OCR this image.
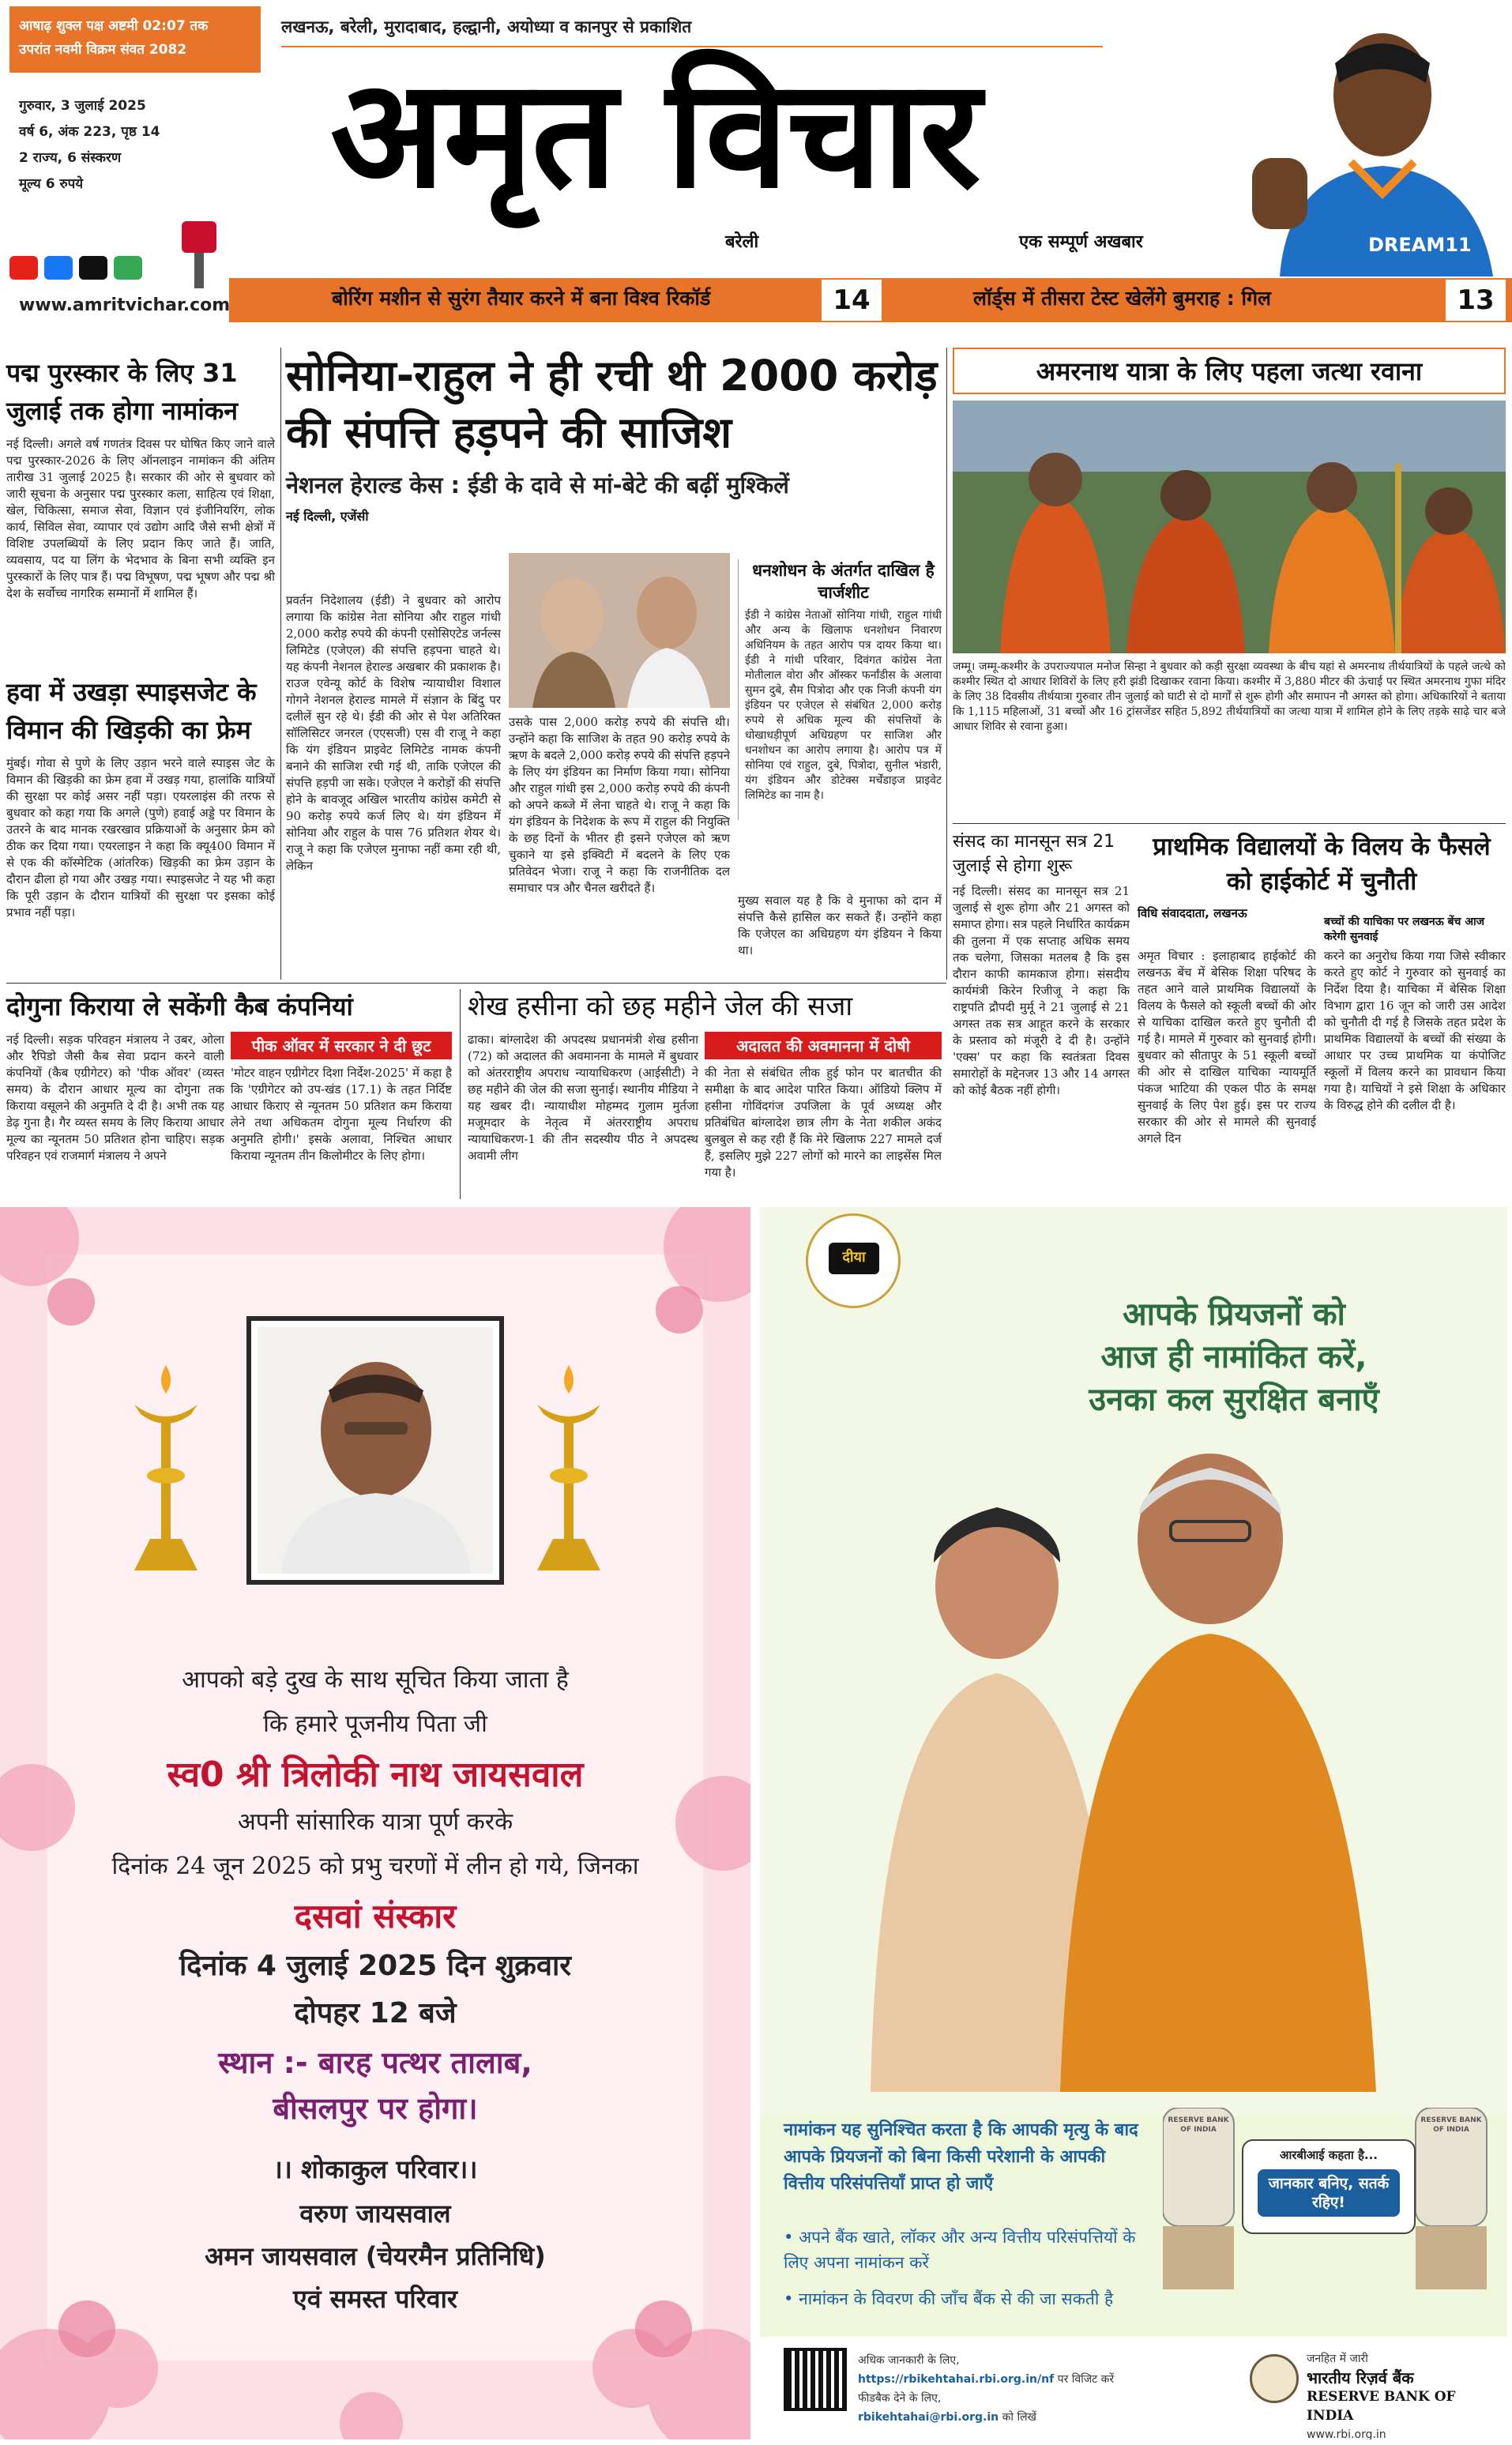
आषाढ़ शुक्ल पक्ष अष्टमी 02:07 तक
उपरांत नवमी विक्रम संवत 2082
लखनऊ, बरेली, मुरादाबाद, हल्द्वानी, अयोध्या व कानपुर से प्रकाशित
गुरुवार, 3 जुलाई 2025
वर्ष 6, अंक 223, पृष्ठ 14
2 राज्य, 6 संस्करण
मूल्य 6 रुपये	अमृत विचार
बरेली	एक सम्पूर्ण अखबार	DREAM11
www.amritvichar.com	बोरिंग मशीन से सुरंग तैयार करने में बना विश्व रिकॉर्ड	14	लॉर्ड्स में तीसरा टेस्ट खेलेंगे बुमराह : गिल	13
पद्म पुरस्कार के लिए 31 जुलाई तक होगा नामांकन
नई दिल्ली। अगले वर्ष गणतंत्र दिवस पर घोषित किए जाने वाले पद्म पुरस्कार-2026 के लिए ऑनलाइन नामांकन की अंतिम तारीख 31 जुलाई 2025 है। सरकार की ओर से बुधवार को जारी सूचना के अनुसार पद्म पुरस्कार कला, साहित्य एवं शिक्षा, खेल, चिकित्सा, समाज सेवा, विज्ञान एवं इंजीनियरिंग, लोक कार्य, सिविल सेवा, व्यापार एवं उद्योग आदि जैसे सभी क्षेत्रों में विशिष्ट उपलब्धियों के लिए प्रदान किए जाते हैं। जाति, व्यवसाय, पद या लिंग के भेदभाव के बिना सभी व्यक्ति इन पुरस्कारों के लिए पात्र हैं। पद्म विभूषण, पद्म भूषण और पद्म श्री देश के सर्वोच्च नागरिक सम्मानों में शामिल हैं।
हवा में उखड़ा स्पाइसजेट के विमान की खिड़की का फ्रेम
मुंबई। गोवा से पुणे के लिए उड़ान भरने वाले स्पाइस जेट के विमान की खिड़की का फ्रेम हवा में उखड़ गया, हालांकि यात्रियों की सुरक्षा पर कोई असर नहीं पड़ा। एयरलाइंस की तरफ से बुधवार को कहा गया कि अगले (पुणे) हवाई अड्डे पर विमान के उतरने के बाद मानक रखरखाव प्रक्रियाओं के अनुसार फ्रेम को ठीक कर दिया गया। एयरलाइन ने कहा कि क्यू400 विमान में से एक की कॉस्मेटिक (आंतरिक) खिड़की का फ्रेम उड़ान के दौरान ढीला हो गया और उखड़ गया। स्पाइसजेट ने यह भी कहा कि पूरी उड़ान के दौरान यात्रियों की सुरक्षा पर इसका कोई प्रभाव नहीं पड़ा।
सोनिया-राहुल ने ही रची थी 2000 करोड़ की संपत्ति हड़पने की साजिश
नेशनल हेराल्ड केस : ईडी के दावे से मां-बेटे की बढ़ीं मुश्किलें
नई दिल्ली, एजेंसी
प्रवर्तन निदेशालय (ईडी) ने बुधवार को आरोप लगाया कि कांग्रेस नेता सोनिया और राहुल गांधी 2,000 करोड़ रुपये की कंपनी एसोसिएटेड जर्नल्स लिमिटेड (एजेएल) की संपत्ति हड़पना चाहते थे। यह कंपनी नेशनल हेराल्ड अखबार की प्रकाशक है। राउज एवेन्यू कोर्ट के विशेष न्यायाधीश विशाल गोगने नेशनल हेराल्ड मामले में संज्ञान के बिंदु पर दलीलें सुन रहे थे। ईडी की ओर से पेश अतिरिक्त सॉलिसिटर जनरल (एएसजी) एस वी राजू ने कहा कि यंग इंडियन प्राइवेट लिमिटेड नामक कंपनी बनाने की साजिश रची गई थी, ताकि एजेएल की संपत्ति हड़पी जा सके। एजेएल ने करोड़ों की संपत्ति होने के बावजूद अखिल भारतीय कांग्रेस कमेटी से 90 करोड़ रुपये कर्ज लिए थे। यंग इंडियन में सोनिया और राहुल के पास 76 प्रतिशत शेयर थे। राजू ने कहा कि एजेएल मुनाफा नहीं कमा रही थी, लेकिन
उसके पास 2,000 करोड़ रुपये की संपत्ति थी। उन्होंने कहा कि साजिश के तहत 90 करोड़ रुपये के ऋण के बदले 2,000 करोड़ रुपये की संपत्ति हड़पने के लिए यंग इंडियन का निर्माण किया गया। सोनिया और राहुल गांधी इस 2,000 करोड़ रुपये की कंपनी को अपने कब्जे में लेना चाहते थे। राजू ने कहा कि यंग इंडियन के निदेशक के रूप में राहुल की नियुक्ति के छह दिनों के भीतर ही इसने एजेएल को ऋण चुकाने या इसे इक्विटी में बदलने के लिए एक प्रतिवेदन भेजा। राजू ने कहा कि राजनीतिक दल समाचार पत्र और चैनल खरीदते हैं।
धनशोधन के अंतर्गत दाखिल है चार्जशीट
ईडी ने कांग्रेस नेताओं सोनिया गांधी, राहुल गांधी और अन्य के खिलाफ धनशोधन निवारण अधिनियम के तहत आरोप पत्र दायर किया था। ईडी ने गांधी परिवार, दिवंगत कांग्रेस नेता मोतीलाल वोरा और ऑस्कर फर्नांडीस के अलावा सुमन दुबे, सैम पित्रोदा और एक निजी कंपनी यंग इंडियन पर एजेएल से संबंधित 2,000 करोड़ रुपये से अधिक मूल्य की संपत्तियों के धोखाधड़ीपूर्ण अधिग्रहण पर साजिश और धनशोधन का आरोप लगाया है। आरोप पत्र में सोनिया एवं राहुल, दुबे, पित्रोदा, सुनील भंडारी, यंग इंडियन और डोटेक्स मर्चेंडाइज प्राइवेट लिमिटेड का नाम है।
मुख्य सवाल यह है कि वे मुनाफा को दान में संपत्ति कैसे हासिल कर सकते हैं। उन्होंने कहा कि एजेएल का अधिग्रहण यंग इंडियन ने किया था।
अमरनाथ यात्रा के लिए पहला जत्था रवाना
जम्मू। जम्मू-कश्मीर के उपराज्यपाल मनोज सिन्हा ने बुधवार को कड़ी सुरक्षा व्यवस्था के बीच यहां से अमरनाथ तीर्थयात्रियों के पहले जत्थे को कश्मीर स्थित दो आधार शिविरों के लिए हरी झंडी दिखाकर रवाना किया। कश्मीर में 3,880 मीटर की ऊंचाई पर स्थित अमरनाथ गुफा मंदिर के लिए 38 दिवसीय तीर्थयात्रा गुरुवार तीन जुलाई को घाटी से दो मार्गों से शुरू होगी और समापन नौ अगस्त को होगा। अधिकारियों ने बताया कि 1,115 महिलाओं, 31 बच्चों और 16 ट्रांसजेंडर सहित 5,892 तीर्थयात्रियों का जत्था यात्रा में शामिल होने के लिए तड़के साढ़े चार बजे आधार शिविर से रवाना हुआ।
संसद का मानसून सत्र 21 जुलाई से होगा शुरू
नई दिल्ली। संसद का मानसून सत्र 21 जुलाई से शुरू होगा और 21 अगस्त को समाप्त होगा। सत्र पहले निर्धारित कार्यक्रम की तुलना में एक सप्ताह अधिक समय तक चलेगा, जिसका मतलब है कि इस दौरान काफी कामकाज होगा। संसदीय कार्यमंत्री किरेन रिजीजू ने कहा कि राष्ट्रपति द्रौपदी मुर्मू ने 21 जुलाई से 21 अगस्त तक सत्र आहूत करने के सरकार के प्रस्ताव को मंजूरी दे दी है। उन्होंने 'एक्स' पर कहा कि स्वतंत्रता दिवस समारोहों के मद्देनजर 13 और 14 अगस्त को कोई बैठक नहीं होगी।
प्राथमिक विद्यालयों के विलय के फैसले को हाईकोर्ट में चुनौती
विधि संवाददाता, लखनऊ
बच्चों की याचिका पर लखनऊ बेंच आज करेगी सुनवाई
अमृत विचार : इलाहाबाद हाईकोर्ट की लखनऊ बेंच में बेसिक शिक्षा परिषद के तहत आने वाले प्राथमिक विद्यालयों के विलय के फैसले को स्कूली बच्चों की ओर से याचिका दाखिल करते हुए चुनौती दी गई है। मामले में गुरुवार को सुनवाई होगी। बुधवार को सीतापुर के 51 स्कूली बच्चों की ओर से दाखिल याचिका न्यायमूर्ति पंकज भाटिया की एकल पीठ के समक्ष सुनवाई के लिए पेश हुई। इस पर राज्य सरकार की ओर से मामले की सुनवाई अगले दिन
करने का अनुरोध किया गया जिसे स्वीकार करते हुए कोर्ट ने गुरुवार को सुनवाई का निर्देश दिया है। याचिका में बेसिक शिक्षा विभाग द्वारा 16 जून को जारी उस आदेश को चुनौती दी गई है जिसके तहत प्रदेश के प्राथमिक विद्यालयों के बच्चों की संख्या के आधार पर उच्च प्राथमिक या कंपोजिट स्कूलों में विलय करने का प्रावधान किया गया है। याचियों ने इसे शिक्षा के अधिकार के विरुद्ध होने की दलील दी है।
दोगुना किराया ले सकेंगी कैब कंपनियां
नई दिल्ली। सड़क परिवहन मंत्रालय ने उबर, ओला और रैपिडो जैसी कैब सेवा प्रदान करने वाली कंपनियों (कैब एग्रीगेटर) को 'पीक ऑवर' (व्यस्त समय) के दौरान आधार मूल्य का दोगुना तक किराया वसूलने की अनुमति दे दी है। अभी तक यह डेढ़ गुना है। गैर व्यस्त समय के लिए किराया आधार मूल्य का न्यूनतम 50 प्रतिशत होना चाहिए। सड़क परिवहन एवं राजमार्ग मंत्रालय ने अपने
पीक ऑवर में सरकार ने दी छूट
'मोटर वाहन एग्रीगेटर दिशा निर्देश-2025' में कहा है कि 'एग्रीगेटर को उप-खंड (17.1) के तहत निर्दिष्ट आधार किराए से न्यूनतम 50 प्रतिशत कम किराया लेने तथा अधिकतम दोगुना मूल्य निर्धारण की अनुमति होगी।' इसके अलावा, निश्चित आधार किराया न्यूनतम तीन किलोमीटर के लिए होगा।
शेख हसीना को छह महीने जेल की सजा
ढाका। बांग्लादेश की अपदस्थ प्रधानमंत्री शेख हसीना (72) को अदालत की अवमानना के मामले में बुधवार को अंतरराष्ट्रीय अपराध न्यायाधिकरण (आईसीटी) ने छह महीने की जेल की सजा सुनाई। स्थानीय मीडिया ने यह खबर दी। न्यायाधीश मोहम्मद गुलाम मुर्तजा मजूमदार के नेतृत्व में अंतरराष्ट्रीय अपराध न्यायाधिकरण-1 की तीन सदस्यीय पीठ ने अपदस्थ अवामी लीग
अदालत की अवमानना में दोषी
की नेता से संबंधित लीक हुई फोन पर बातचीत की समीक्षा के बाद आदेश पारित किया। ऑडियो क्लिप में हसीना गोविंदगंज उपजिला के पूर्व अध्यक्ष और प्रतिबंधित बांग्लादेश छात्र लीग के नेता शकील अकंद बुलबुल से कह रही हैं कि मेरे खिलाफ 227 मामले दर्ज हैं, इसलिए मुझे 227 लोगों को मारने का लाइसेंस मिल गया है।
आपको बड़े दुख के साथ सूचित किया जाता है
कि हमारे पूजनीय पिता जी
स्व0 श्री त्रिलोकी नाथ जायसवाल
अपनी सांसारिक यात्रा पूर्ण करके
दिनांक 24 जून 2025 को प्रभु चरणों में लीन हो गये, जिनका
दसवां संस्कार
दिनांक 4 जुलाई 2025 दिन शुक्रवार
दोपहर 12 बजे
स्थान :- बारह पत्थर तालाब, बीसलपुर पर होगा।
।। शोकाकुल परिवार।।
वरुण जायसवाल
अमन जायसवाल (चेयरमैन प्रतिनिधि)
एवं समस्त परिवार
दीया
आपके प्रियजनों को
आज ही नामांकित करें,
उनका कल सुरक्षित बनाएँ
नामांकन यह सुनिश्चित करता है कि आपकी मृत्यु के बाद आपके प्रियजनों को बिना किसी परेशानी के आपकी वित्तीय परिसंपत्तियाँ प्राप्त हो जाएँ
• अपने बैंक खाते, लॉकर और अन्य वित्तीय परिसंपत्तियों के लिए अपना नामांकन करें
• नामांकन के विवरण की जाँच बैंक से की जा सकती है
RESERVE BANK OF INDIA
RESERVE BANK OF INDIA
आरबीआई कहता है...
जानकार बनिए, सतर्क रहिए!
अधिक जानकारी के लिए,
https://rbikehtahai.rbi.org.in/nf पर विजिट करें
फीडबैक देने के लिए,
rbikehtahai@rbi.org.in को लिखें
जनहित में जारी
भारतीय रिज़र्व बैंक
RESERVE BANK OF INDIA
www.rbi.org.in
